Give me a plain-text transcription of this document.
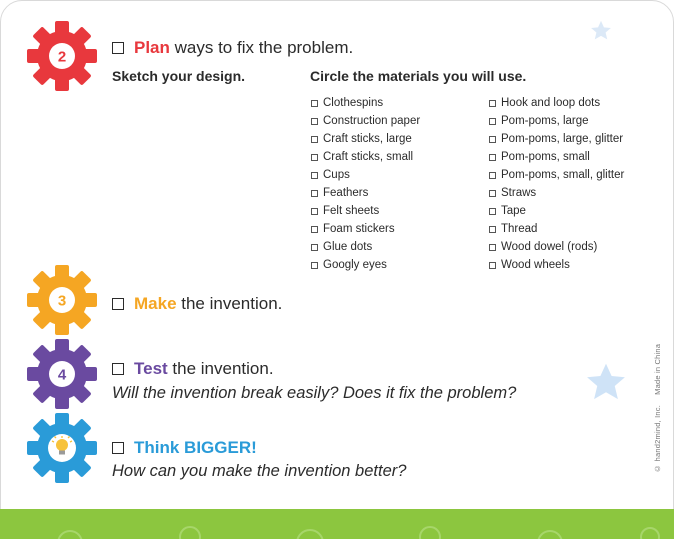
2	Plan ways to fix the problem.
Sketch your design.	Circle the materials you will use.
Clothespins
Construction paper
Craft sticks, large
Craft sticks, small
Cups
Feathers
Felt sheets
Foam stickers
Glue dots
Googly eyes
Hook and loop dots
Pom-poms, large
Pom-poms, large, glitter
Pom-poms, small
Pom-poms, small, glitter
Straws
Tape
Thread
Wood dowel (rods)
Wood wheels
3	Make the invention.
4	Test the invention.
Will the invention break easily? Does it fix the problem?
Think BIGGER!
How can you make the invention better?	© hand2mind, Inc.
Made in China
